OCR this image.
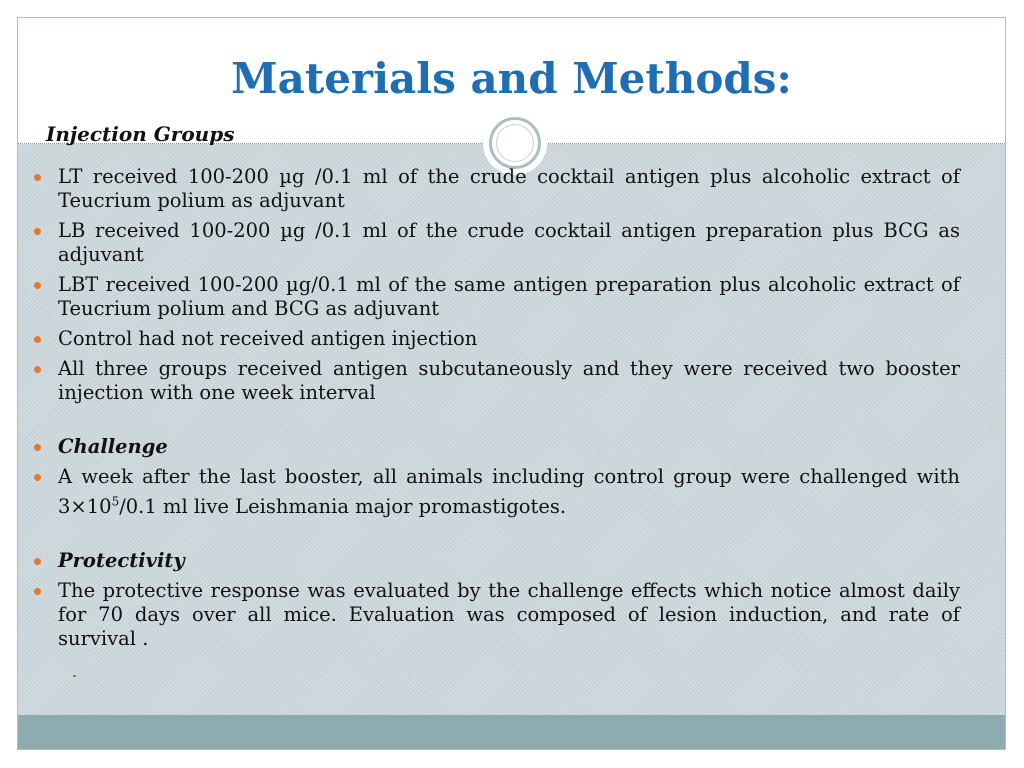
Materials and Methods:
Injection Groups
LT received 100-200 µg /0.1 ml of the crude cocktail antigen plus alcoholic extract of Teucrium polium as adjuvant
LB received 100-200 µg /0.1 ml of the crude cocktail antigen preparation plus BCG as adjuvant
LBT received 100-200 µg/0.1 ml of the same antigen preparation plus alcoholic extract of Teucrium polium and BCG as adjuvant
Control had not received antigen injection
All three groups received antigen subcutaneously and they were received two booster injection with one week interval
Challenge
A week after the last booster, all animals including control group were challenged with $3\times 10^5/0.1$ ml live Leishmania major promastigotes.
Protectivity
The protective response was evaluated by the challenge effects which notice almost daily for 70 days over all mice. Evaluation was composed of lesion induction, and rate of survival .
